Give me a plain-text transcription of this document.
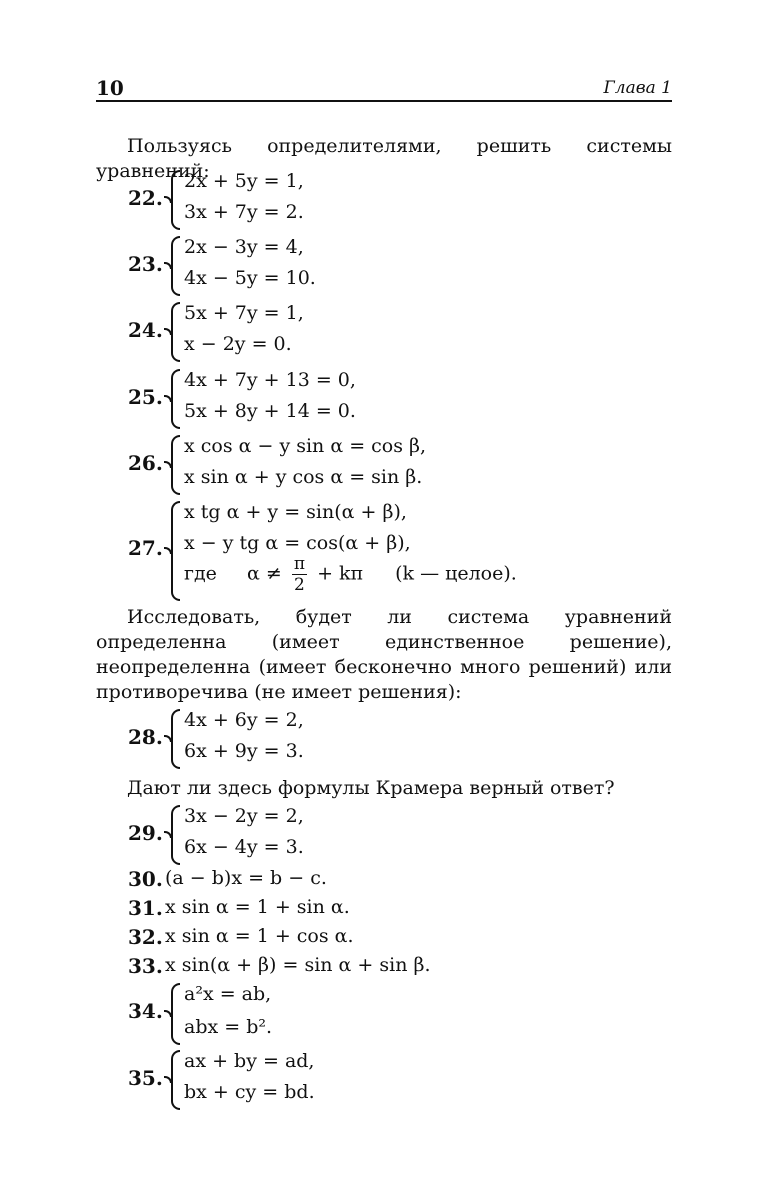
10	Глава 1
Пользуясь определителями, решить системы уравнений:
22.
2x + 5y = 1,
3x + 7y = 2.
23.
2x − 3y = 4,
4x − 5y = 10.
24.
5x + 7y = 1,
x − 2y = 0.
25.
4x + 7y + 13 = 0,
5x + 8y + 14 = 0.
26.
x cos α − y sin α = cos β,
x sin α + y cos α = sin β.
27.
x tg α + y = sin(α + β),
x − y tg α = cos(α + β),
где $\alpha \ne \frac{\pi}{2} + k\pi$ (k — целое).
Исследовать, будет ли система уравнений определенна (имеет единственное решение), неопределенна (имеет бесконечно много решений) или противоречива (не имеет решения):
28.
4x + 6y = 2,
6x + 9y = 3.
Дают ли здесь формулы Крамера верный ответ?
29.
3x − 2y = 2,
6x − 4y = 3.
30. (a − b)x = b − c.
31. x sin α = 1 + sin α.
32. x sin α = 1 + cos α.
33. x sin(α + β) = sin α + sin β.
34.
a²x = ab,
abx = b².
35.
ax + by = ad,
bx + cy = bd.
